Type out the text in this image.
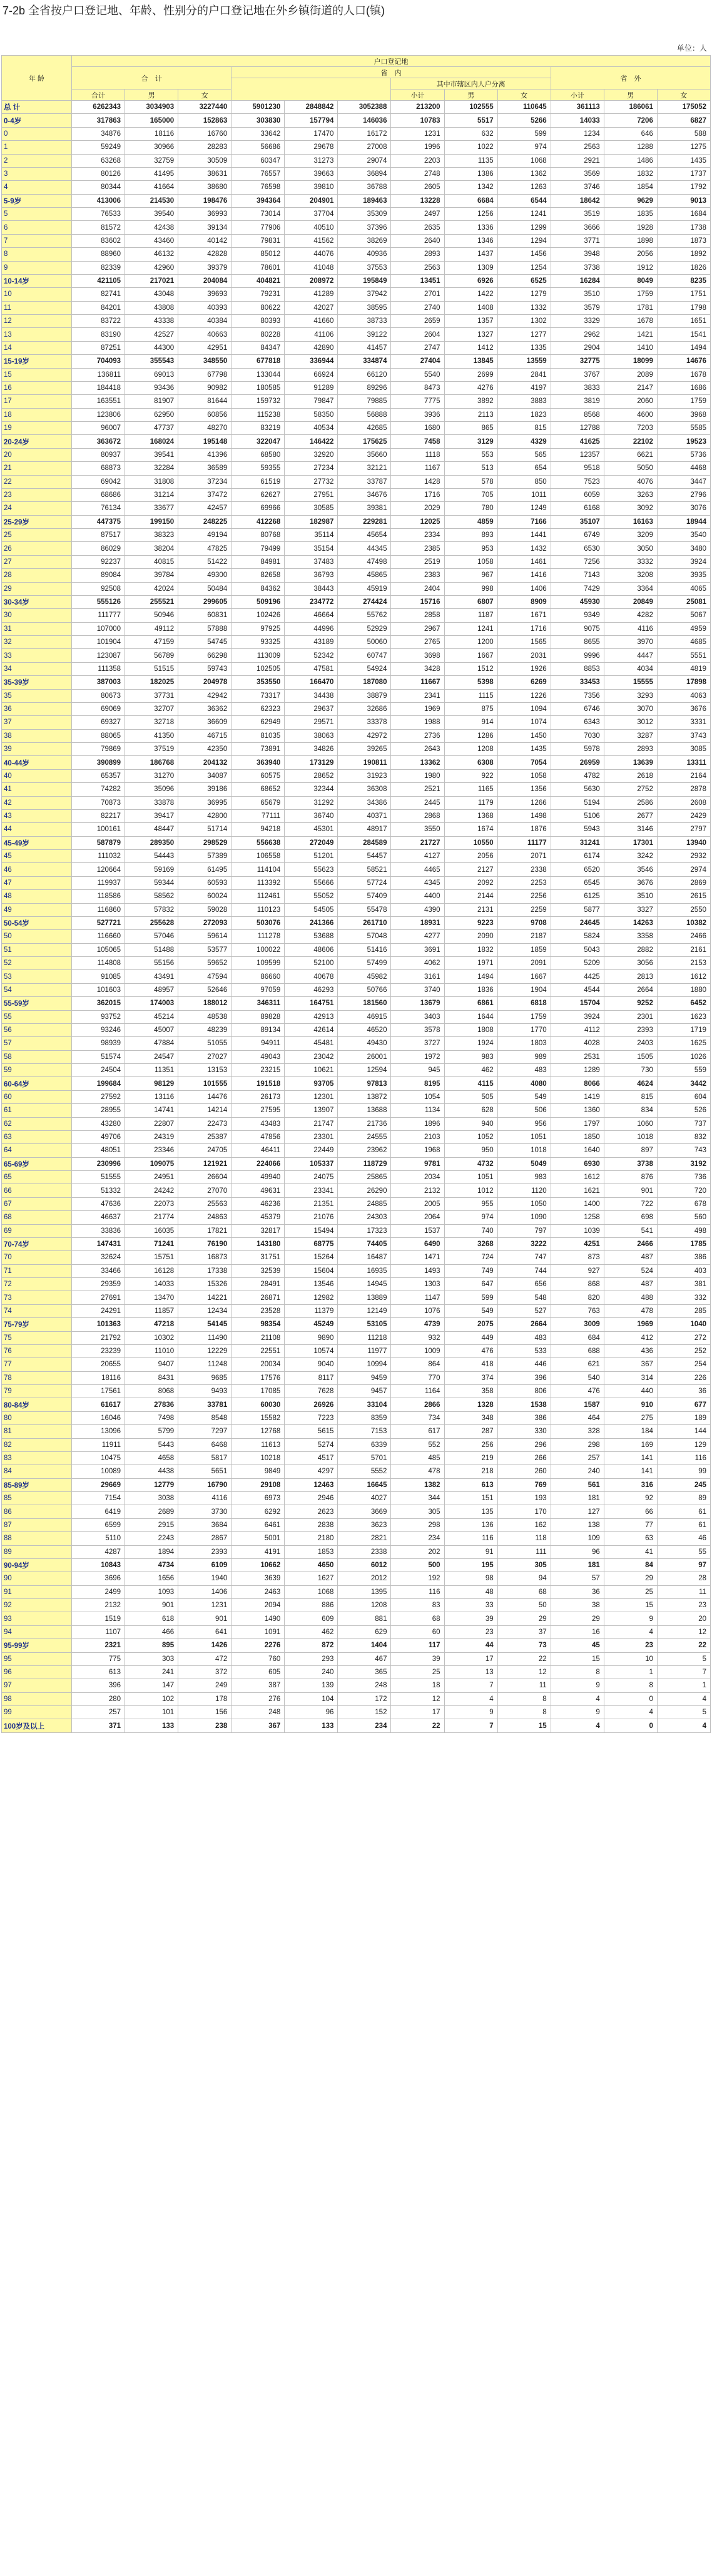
7-2b 全省按户口登记地、年龄、性别分的户口登记地在外乡镇街道的人口(镇)
单位：人
年 龄	户口登记地											
	合　计			省　内						省　外		
							其中市辖区内人户分离					
	合计	男	女				小计	男	女	小计	男	女
总 计	6262343	3034903	3227440	5901230	2848842	3052388	213200	102555	110645	361113	186061	175052
0-4岁	317863	165000	152863	303830	157794	146036	10783	5517	5266	14033	7206	6827
0	34876	18116	16760	33642	17470	16172	1231	632	599	1234	646	588
1	59249	30966	28283	56686	29678	27008	1996	1022	974	2563	1288	1275
2	63268	32759	30509	60347	31273	29074	2203	1135	1068	2921	1486	1435
3	80126	41495	38631	76557	39663	36894	2748	1386	1362	3569	1832	1737
4	80344	41664	38680	76598	39810	36788	2605	1342	1263	3746	1854	1792
5-9岁	413006	214530	198476	394364	204901	189463	13228	6684	6544	18642	9629	9013
5	76533	39540	36993	73014	37704	35309	2497	1256	1241	3519	1835	1684
6	81572	42438	39134	77906	40510	37396	2635	1336	1299	3666	1928	1738
7	83602	43460	40142	79831	41562	38269	2640	1346	1294	3771	1898	1873
8	88960	46132	42828	85012	44076	40936	2893	1437	1456	3948	2056	1892
9	82339	42960	39379	78601	41048	37553	2563	1309	1254	3738	1912	1826
10-14岁	421105	217021	204084	404821	208972	195849	13451	6926	6525	16284	8049	8235
10	82741	43048	39693	79231	41289	37942	2701	1422	1279	3510	1759	1751
11	84201	43808	40393	80622	42027	38595	2740	1408	1332	3579	1781	1798
12	83722	43338	40384	80393	41660	38733	2659	1357	1302	3329	1678	1651
13	83190	42527	40663	80228	41106	39122	2604	1327	1277	2962	1421	1541
14	87251	44300	42951	84347	42890	41457	2747	1412	1335	2904	1410	1494
15-19岁	704093	355543	348550	677818	336944	334874	27404	13845	13559	32775	18099	14676
15	136811	69013	67798	133044	66924	66120	5540	2699	2841	3767	2089	1678
16	184418	93436	90982	180585	91289	89296	8473	4276	4197	3833	2147	1686
17	163551	81907	81644	159732	79847	79885	7775	3892	3883	3819	2060	1759
18	123806	62950	60856	115238	58350	56888	3936	2113	1823	8568	4600	3968
19	96007	47737	48270	83219	40534	42685	1680	865	815	12788	7203	5585
20-24岁	363672	168024	195148	322047	146422	175625	7458	3129	4329	41625	22102	19523
20	80937	39541	41396	68580	32920	35660	1118	553	565	12357	6621	5736
21	68873	32284	36589	59355	27234	32121	1167	513	654	9518	5050	4468
22	69042	31808	37234	61519	27732	33787	1428	578	850	7523	4076	3447
23	68686	31214	37472	62627	27951	34676	1716	705	1011	6059	3263	2796
24	76134	33677	42457	69966	30585	39381	2029	780	1249	6168	3092	3076
25-29岁	447375	199150	248225	412268	182987	229281	12025	4859	7166	35107	16163	18944
25	87517	38323	49194	80768	35114	45654	2334	893	1441	6749	3209	3540
26	86029	38204	47825	79499	35154	44345	2385	953	1432	6530	3050	3480
27	92237	40815	51422	84981	37483	47498	2519	1058	1461	7256	3332	3924
28	89084	39784	49300	82658	36793	45865	2383	967	1416	7143	3208	3935
29	92508	42024	50484	84362	38443	45919	2404	998	1406	7429	3364	4065
30-34岁	555126	255521	299605	509196	234772	274424	15716	6807	8909	45930	20849	25081
30	111777	50946	60831	102426	46664	55762	2858	1187	1671	9349	4282	5067
31	107000	49112	57888	97925	44996	52929	2967	1241	1716	9075	4116	4959
32	101904	47159	54745	93325	43189	50060	2765	1200	1565	8655	3970	4685
33	123087	56789	66298	113009	52342	60747	3698	1667	2031	9996	4447	5551
34	111358	51515	59743	102505	47581	54924	3428	1512	1926	8853	4034	4819
35-39岁	387003	182025	204978	353550	166470	187080	11667	5398	6269	33453	15555	17898
35	80673	37731	42942	73317	34438	38879	2341	1115	1226	7356	3293	4063
36	69069	32707	36362	62323	29637	32686	1969	875	1094	6746	3070	3676
37	69327	32718	36609	62949	29571	33378	1988	914	1074	6343	3012	3331
38	88065	41350	46715	81035	38063	42972	2736	1286	1450	7030	3287	3743
39	79869	37519	42350	73891	34826	39265	2643	1208	1435	5978	2893	3085
40-44岁	390899	186768	204132	363940	173129	190811	13362	6308	7054	26959	13639	13311
40	65357	31270	34087	60575	28652	31923	1980	922	1058	4782	2618	2164
41	74282	35096	39186	68652	32344	36308	2521	1165	1356	5630	2752	2878
42	70873	33878	36995	65679	31292	34386	2445	1179	1266	5194	2586	2608
43	82217	39417	42800	77111	36740	40371	2868	1368	1498	5106	2677	2429
44	100161	48447	51714	94218	45301	48917	3550	1674	1876	5943	3146	2797
45-49岁	587879	289350	298529	556638	272049	284589	21727	10550	11177	31241	17301	13940
45	111032	54443	57389	106558	51201	54457	4127	2056	2071	6174	3242	2932
46	120664	59169	61495	114104	55623	58521	4465	2127	2338	6520	3546	2974
47	119937	59344	60593	113392	55666	57724	4345	2092	2253	6545	3676	2869
48	118586	58562	60024	112461	55052	57409	4400	2144	2256	6125	3510	2615
49	116860	57832	59028	110123	54505	55478	4390	2131	2259	5877	3327	2550
50-54岁	527721	255628	272093	503076	241366	261710	18931	9223	9708	24645	14263	10382
50	116660	57046	59614	111278	53688	57048	4277	2090	2187	5824	3358	2466
51	105065	51488	53577	100022	48606	51416	3691	1832	1859	5043	2882	2161
52	114808	55156	59652	109599	52100	57499	4062	1971	2091	5209	3056	2153
53	91085	43491	47594	86660	40678	45982	3161	1494	1667	4425	2813	1612
54	101603	48957	52646	97059	46293	50766	3740	1836	1904	4544	2664	1880
55-59岁	362015	174003	188012	346311	164751	181560	13679	6861	6818	15704	9252	6452
55	93752	45214	48538	89828	42913	46915	3403	1644	1759	3924	2301	1623
56	93246	45007	48239	89134	42614	46520	3578	1808	1770	4112	2393	1719
57	98939	47884	51055	94911	45481	49430	3727	1924	1803	4028	2403	1625
58	51574	24547	27027	49043	23042	26001	1972	983	989	2531	1505	1026
59	24504	11351	13153	23215	10621	12594	945	462	483	1289	730	559
60-64岁	199684	98129	101555	191518	93705	97813	8195	4115	4080	8066	4624	3442
60	27592	13116	14476	26173	12301	13872	1054	505	549	1419	815	604
61	28955	14741	14214	27595	13907	13688	1134	628	506	1360	834	526
62	43280	22807	22473	43483	21747	21736	1896	940	956	1797	1060	737
63	49706	24319	25387	47856	23301	24555	2103	1052	1051	1850	1018	832
64	48051	23346	24705	46411	22449	23962	1968	950	1018	1640	897	743
65-69岁	230996	109075	121921	224066	105337	118729	9781	4732	5049	6930	3738	3192
65	51555	24951	26604	49940	24075	25865	2034	1051	983	1612	876	736
66	51332	24242	27070	49631	23341	26290	2132	1012	1120	1621	901	720
67	47636	22073	25563	46236	21351	24885	2005	955	1050	1400	722	678
68	46637	21774	24863	45379	21076	24303	2064	974	1090	1258	698	560
69	33836	16035	17821	32817	15494	17323	1537	740	797	1039	541	498
70-74岁	147431	71241	76190	143180	68775	74405	6490	3268	3222	4251	2466	1785
70	32624	15751	16873	31751	15264	16487	1471	724	747	873	487	386
71	33466	16128	17338	32539	15604	16935	1493	749	744	927	524	403
72	29359	14033	15326	28491	13546	14945	1303	647	656	868	487	381
73	27691	13470	14221	26871	12982	13889	1147	599	548	820	488	332
74	24291	11857	12434	23528	11379	12149	1076	549	527	763	478	285
75-79岁	101363	47218	54145	98354	45249	53105	4739	2075	2664	3009	1969	1040
75	21792	10302	11490	21108	9890	11218	932	449	483	684	412	272
76	23239	11010	12229	22551	10574	11977	1009	476	533	688	436	252
77	20655	9407	11248	20034	9040	10994	864	418	446	621	367	254
78	18116	8431	9685	17576	8117	9459	770	374	396	540	314	226
79	17561	8068	9493	17085	7628	9457	1164	358	806	476	440	36
80-84岁	61617	27836	33781	60030	26926	33104	2866	1328	1538	1587	910	677
80	16046	7498	8548	15582	7223	8359	734	348	386	464	275	189
81	13096	5799	7297	12768	5615	7153	617	287	330	328	184	144
82	11911	5443	6468	11613	5274	6339	552	256	296	298	169	129
83	10475	4658	5817	10218	4517	5701	485	219	266	257	141	116
84	10089	4438	5651	9849	4297	5552	478	218	260	240	141	99
85-89岁	29669	12779	16790	29108	12463	16645	1382	613	769	561	316	245
85	7154	3038	4116	6973	2946	4027	344	151	193	181	92	89
86	6419	2689	3730	6292	2623	3669	305	135	170	127	66	61
87	6599	2915	3684	6461	2838	3623	298	136	162	138	77	61
88	5110	2243	2867	5001	2180	2821	234	116	118	109	63	46
89	4287	1894	2393	4191	1853	2338	202	91	111	96	41	55
90-94岁	10843	4734	6109	10662	4650	6012	500	195	305	181	84	97
90	3696	1656	1940	3639	1627	2012	192	98	94	57	29	28
91	2499	1093	1406	2463	1068	1395	116	48	68	36	25	11
92	2132	901	1231	2094	886	1208	83	33	50	38	15	23
93	1519	618	901	1490	609	881	68	39	29	29	9	20
94	1107	466	641	1091	462	629	60	23	37	16	4	12
95-99岁	2321	895	1426	2276	872	1404	117	44	73	45	23	22
95	775	303	472	760	293	467	39	17	22	15	10	5
96	613	241	372	605	240	365	25	13	12	8	1	7
97	396	147	249	387	139	248	18	7	11	9	8	1
98	280	102	178	276	104	172	12	4	8	4	0	4
99	257	101	156	248	96	152	17	9	8	9	4	5
100岁及以上	371	133	238	367	133	234	22	7	15	4	0	4
